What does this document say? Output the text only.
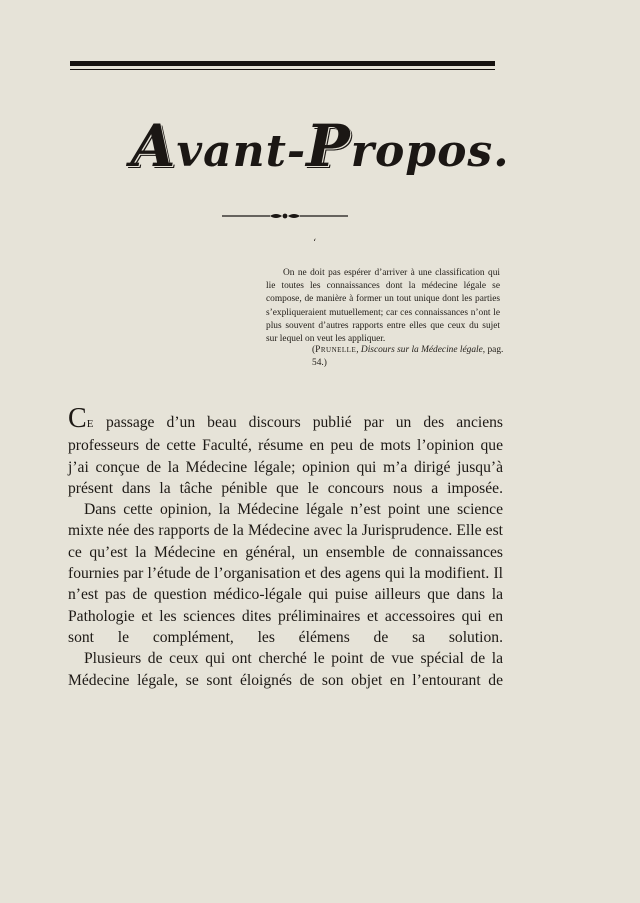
Avant-Propos.
‘
On ne doit pas espérer d’arriver à une classification qui lie toutes les connaissances dont la médecine légale se compose, de manière à former un tout unique dont les parties s’expliqueraient mutuellement; car ces connaissances n’ont le plus souvent d’autres rapports entre elles que ceux du sujet sur lequel on veut les appliquer.
(Prunelle, Discours sur la Médecine légale, pag. 54.)

CE passage d’un beau discours publié par un des anciens professeurs de cette Faculté, résume en peu de mots l’opinion que j’ai conçue de la Médecine légale; opinion qui m’a dirigé jusqu’à présent dans la tâche pénible que le concours nous a imposée.

Dans cette opinion, la Médecine légale n’est point une science mixte née des rapports de la Médecine avec la Jurisprudence. Elle est ce qu’est la Médecine en général, un ensemble de connaissances fournies par l’étude de l’organisation et des agens qui la modifient. Il n’est pas de question médico-légale qui puise ailleurs que dans la Pathologie et les sciences dites préliminaires et accessoires qui en sont le complément, les élémens de sa solution.

Plusieurs de ceux qui ont cherché le point de vue spécial de la Médecine légale, se sont éloignés de son objet en l’entourant de
